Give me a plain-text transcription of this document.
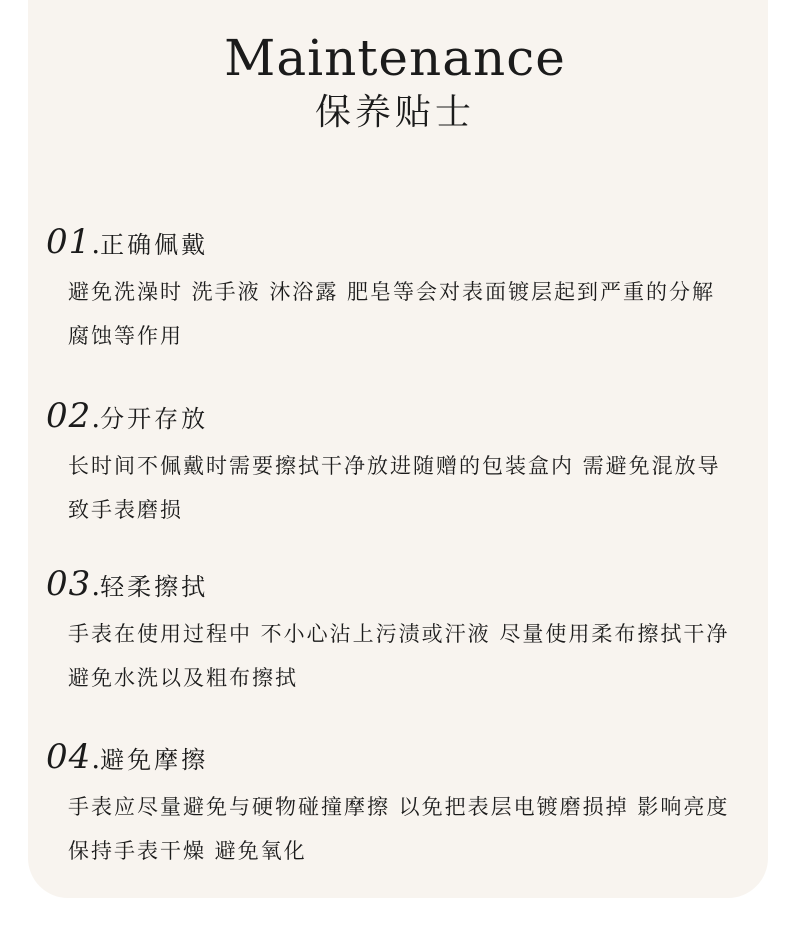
Maintenance
保养贴士
01.正确佩戴
避免洗澡时 洗手液 沐浴露 肥皂等会对表面镀层起到严重的分解 腐蚀等作用
02.分开存放
长时间不佩戴时需要擦拭干净放进随赠的包装盒内 需避免混放导致手表磨损
03.轻柔擦拭
手表在使用过程中 不小心沾上污渍或汗液 尽量使用柔布擦拭干净 避免水洗以及粗布擦拭
04.避免摩擦
手表应尽量避免与硬物碰撞摩擦 以免把表层电镀磨损掉 影响亮度 保持手表干燥 避免氧化
